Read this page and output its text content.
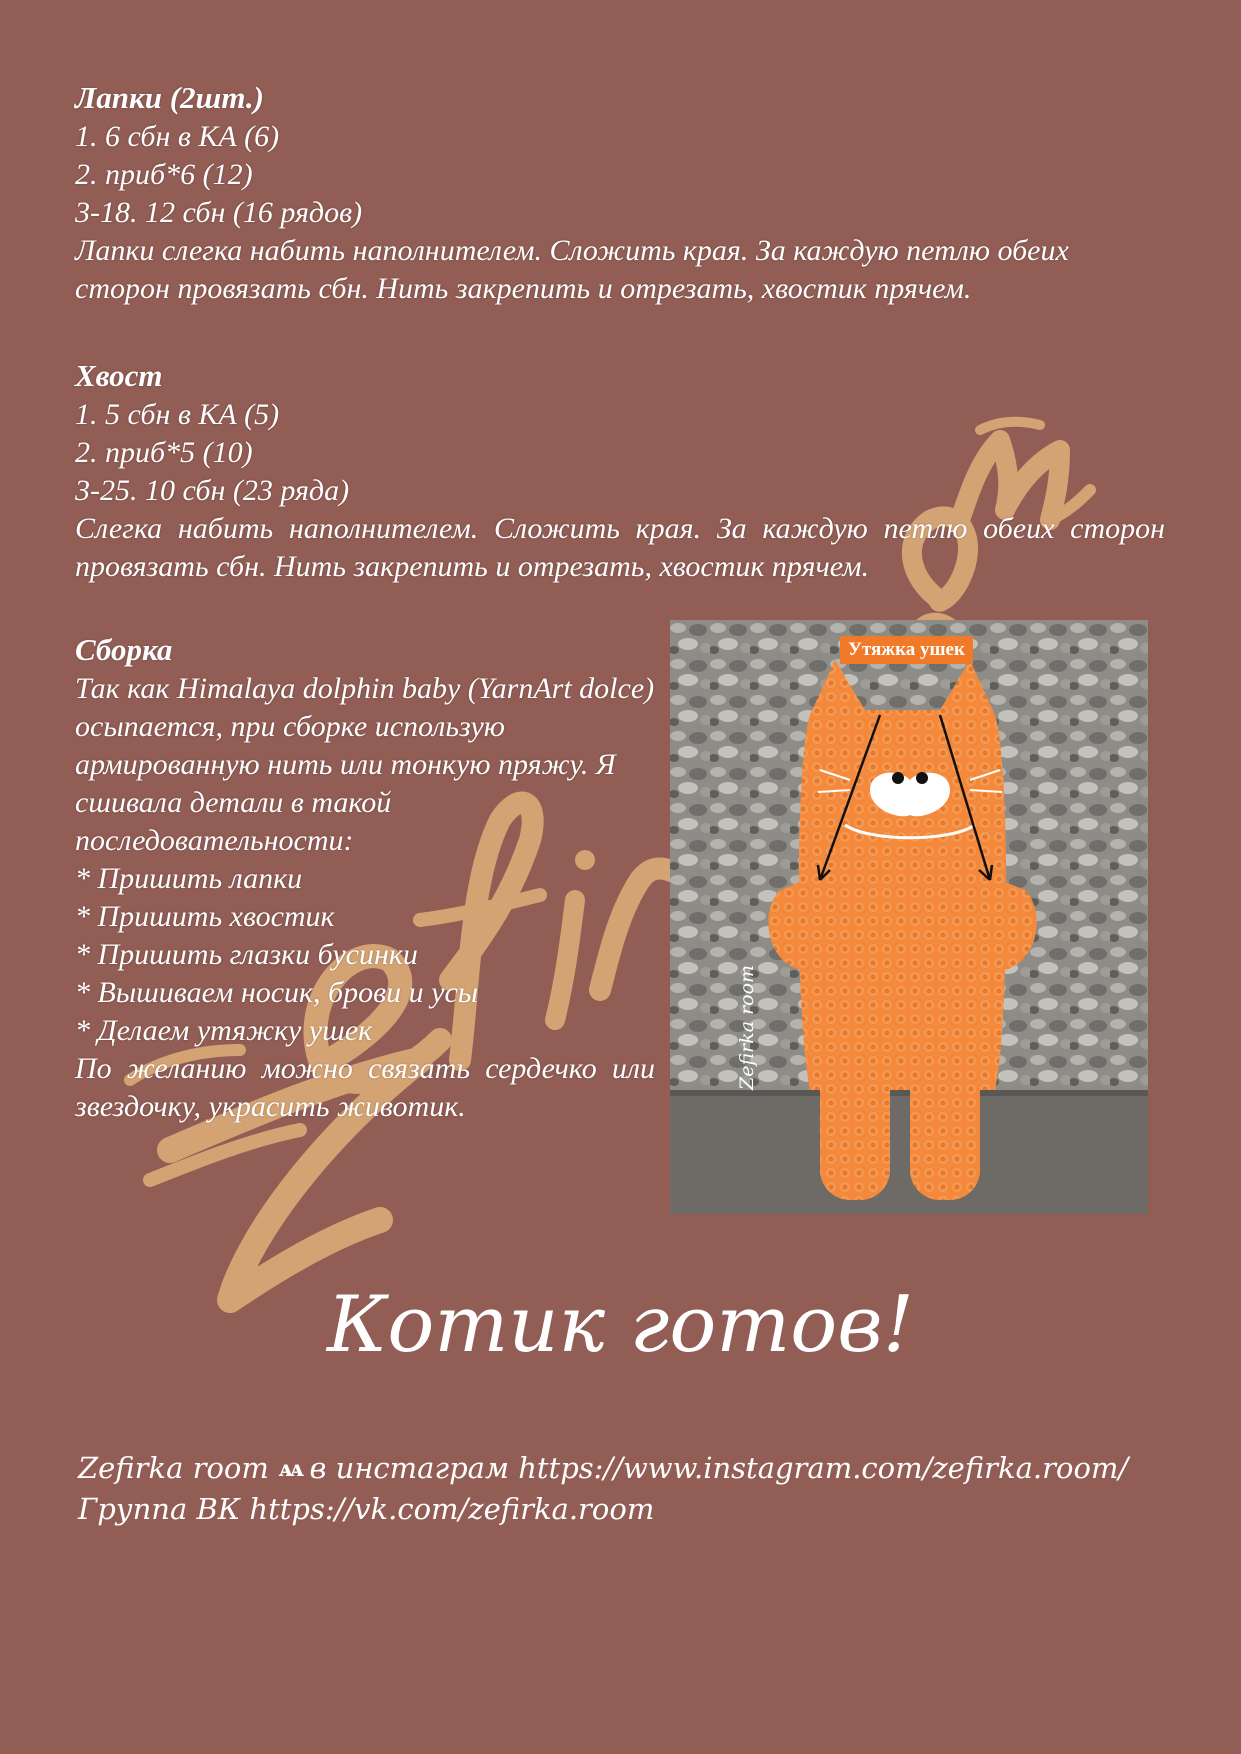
Лапки (2шт.)

1. 6 сбн в КА (6)

2. приб*6 (12)

3-18. 12 сбн (16 рядов)

Лапки слегка набить наполнителем. Сложить края. За каждую петлю обеих сторон провязать сбн. Нить закрепить и отрезать, хвостик прячем.

Хвост

1. 5 сбн в КА (5)

2. приб*5 (10)

3-25. 10 сбн (23 ряда)

Слегка набить наполнителем. Сложить края. За каждую петлю обеих сторон провязать сбн. Нить закрепить и отрезать, хвостик прячем.

Сборка

Так как Himalaya dolphin baby (YarnArt dolce) осыпается, при сборке использую армированную нить или тонкую пряжу. Я сшивала детали в такой последовательности:

* Пришить лапки

* Пришить хвостик

* Пришить глазки бусинки

* Вышиваем носик, брови и усы

* Делаем утяжку ушек

По желанию можно связать сердечко или звездочку, украсить животик.

Утяжка ушек
Zefirka room
Котик готов!
Zefirka room ᴀᴀ в инстаграм https://www.instagram.com/zefirka.room/
Группа ВК https://vk.com/zefirka.room
